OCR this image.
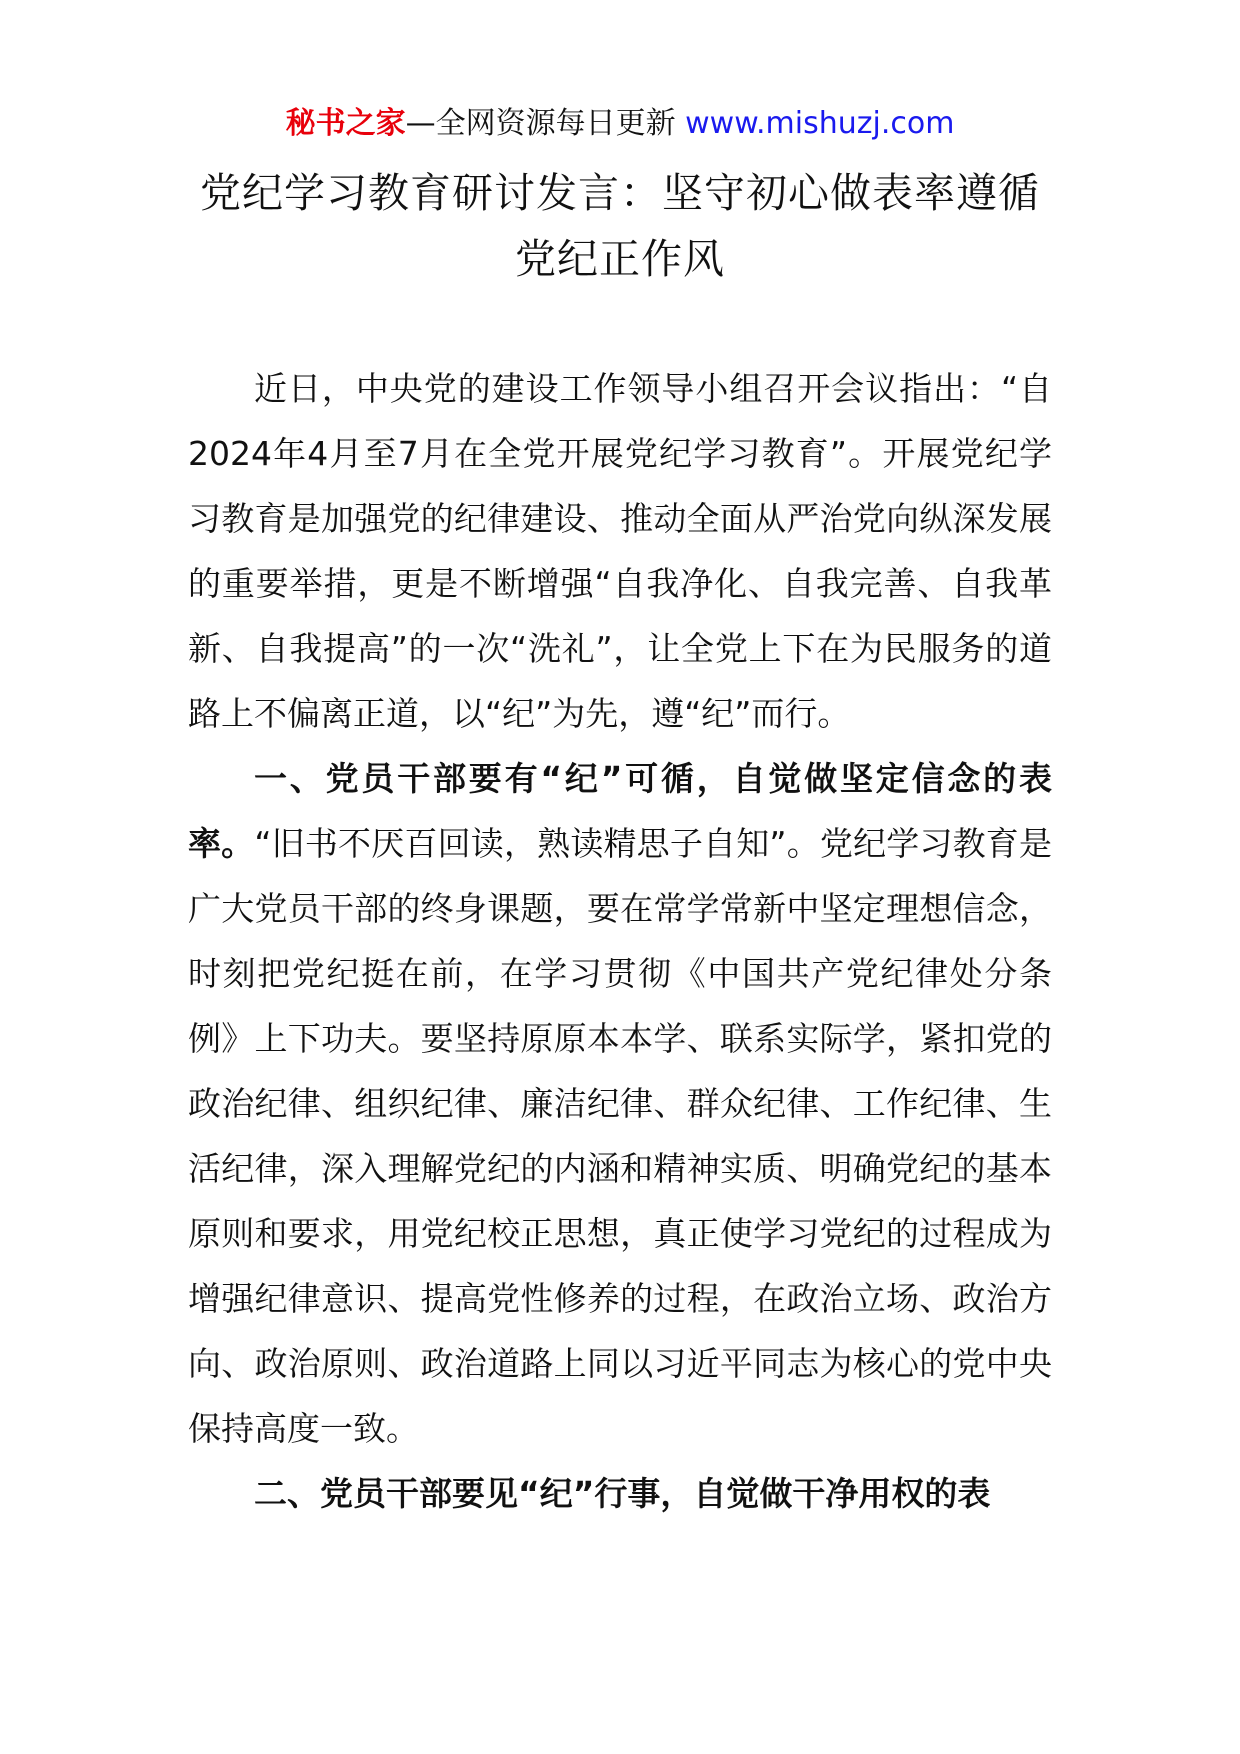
秘书之家—全网资源每日更新 www.mishuzj.com
党纪学习教育研讨发言：坚守初心做表率遵循
党纪正作风

近日，中央党的建设工作领导小组召开会议指出：“自2024年4月至7月在全党开展党纪学习教育”。开展党纪学习教育是加强党的纪律建设、推动全面从严治党向纵深发展的重要举措，更是不断增强“自我净化、自我完善、自我革新、自我提高”的一次“洗礼”，让全党上下在为民服务的道路上不偏离正道，以“纪”为先，遵“纪”而行。

一、党员干部要有“纪”可循，自觉做坚定信念的表率。“旧书不厌百回读，熟读精思子自知”。党纪学习教育是广大党员干部的终身课题，要在常学常新中坚定理想信念，时刻把党纪挺在前，在学习贯彻《中国共产党纪律处分条例》上下功夫。要坚持原原本本学、联系实际学，紧扣党的政治纪律、组织纪律、廉洁纪律、群众纪律、工作纪律、生活纪律，深入理解党纪的内涵和精神实质、明确党纪的基本原则和要求，用党纪校正思想，真正使学习党纪的过程成为增强纪律意识、提高党性修养的过程，在政治立场、政治方向、政治原则、政治道路上同以习近平同志为核心的党中央保持高度一致。

二、党员干部要见“纪”行事，自觉做干净用权的表
